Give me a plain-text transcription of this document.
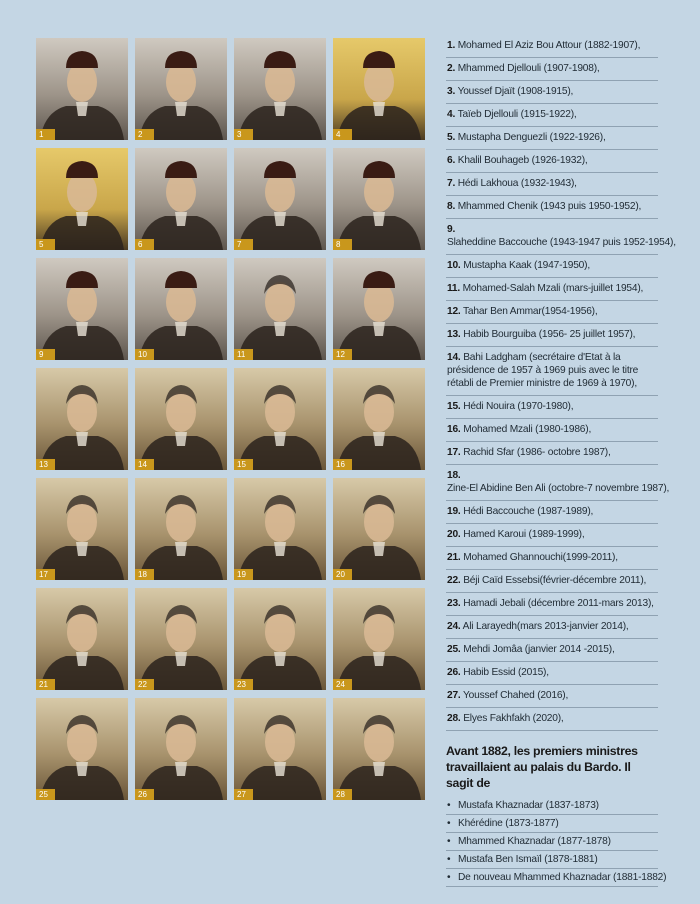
1	2	3	4
5	6	7	8
9	10	11	12
13	14	15	16
17	18	19	20
21	22	23	24
25	26	27	28
1. Mohamed El Aziz Bou Attour (1882-1907),
2. Mhammed Djellouli (1907-1908),
3. Youssef Djaït (1908-1915),
4. Taïeb Djellouli (1915-1922),
5. Mustapha Denguezli (1922-1926),
6. Khalil Bouhageb (1926-1932),
7. Hédi Lakhoua (1932-1943),
8. Mhammed Chenik (1943 puis 1950-1952),
9. Slaheddine Baccouche (1943-1947 puis 1952-1954),
10. Mustapha Kaak (1947-1950),
11. Mohamed-Salah Mzali (mars-juillet 1954),
12. Tahar Ben Ammar(1954-1956),
13. Habib Bourguiba (1956- 25 juillet 1957),
14. Bahi Ladgham (secrétaire d'Etat à la présidence de 1957 à 1969 puis avec le titre rétabli de Premier ministre de 1969 à 1970),
15. Hédi Nouira (1970-1980),
16. Mohamed Mzali (1980-1986),
17. Rachid Sfar (1986- octobre 1987),
18. Zine-El Abidine Ben Ali (octobre-7 novembre 1987),
19. Hédi Baccouche (1987-1989),
20. Hamed Karoui (1989-1999),
21. Mohamed Ghannouchi(1999-2011),
22. Béji Caïd Essebsi(février-décembre 2011),
23. Hamadi Jebali (décembre 2011-mars 2013),
24. Ali Larayedh(mars 2013-janvier 2014),
25. Mehdi Jomâa (janvier 2014 -2015),
26. Habib Essid (2015),
27. Youssef Chahed (2016),
28. Elyes Fakhfakh (2020),
Avant 1882, les premiers ministres travaillaient au palais du Bardo. Il sagit de
• Mustafa Khaznadar (1837-1873)
• Khérédine (1873-1877)
• Mhammed Khaznadar (1877-1878)
• Mustafa Ben Ismaïl (1878-1881)
• De nouveau Mhammed Khaznadar (1881-1882)
